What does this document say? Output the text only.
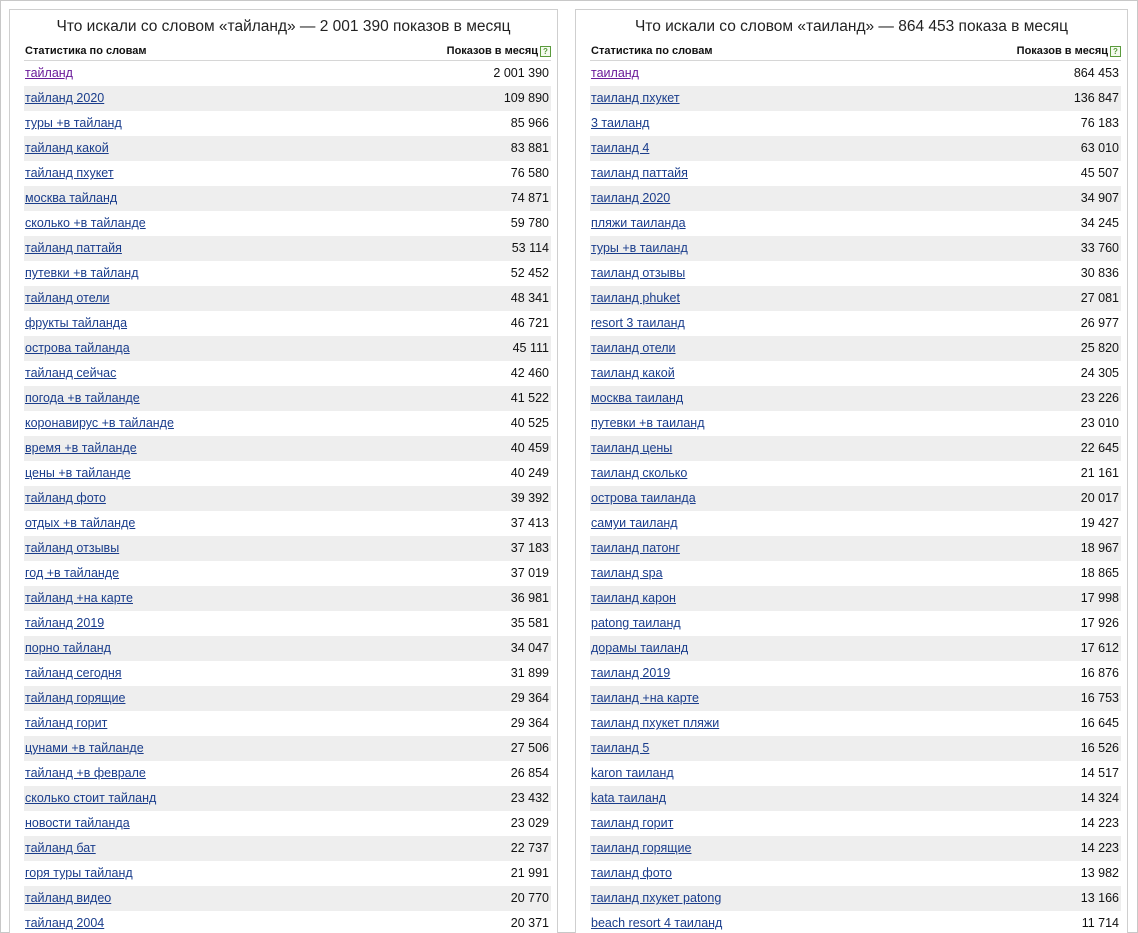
Что искали со словом «тайланд» — 2 001 390 показов в месяц
Статистика по словам	Показов в месяц ?
тайланд	2 001 390
тайланд 2020	109 890
туры +в тайланд	85 966
тайланд какой	83 881
тайланд пхукет	76 580
москва тайланд	74 871
сколько +в тайланде	59 780
тайланд паттайя	53 114
путевки +в тайланд	52 452
тайланд отели	48 341
фрукты тайланда	46 721
острова тайланда	45 111
тайланд сейчас	42 460
погода +в тайланде	41 522
коронавирус +в тайланде	40 525
время +в тайланде	40 459
цены +в тайланде	40 249
тайланд фото	39 392
отдых +в тайланде	37 413
тайланд отзывы	37 183
год +в тайланде	37 019
тайланд +на карте	36 981
тайланд 2019	35 581
порно тайланд	34 047
тайланд сегодня	31 899
тайланд горящие	29 364
тайланд горит	29 364
цунами +в тайланде	27 506
тайланд +в феврале	26 854
сколько стоит тайланд	23 432
новости тайланда	23 029
тайланд бат	22 737
горя туры тайланд	21 991
тайланд видео	20 770
тайланд 2004	20 371
Что искали со словом «таиланд» — 864 453 показа в месяц
Статистика по словам	Показов в месяц ?
таиланд	864 453
таиланд пхукет	136 847
3 таиланд	76 183
таиланд 4	63 010
таиланд паттайя	45 507
таиланд 2020	34 907
пляжи таиланда	34 245
туры +в таиланд	33 760
таиланд отзывы	30 836
таиланд phuket	27 081
resort 3 таиланд	26 977
таиланд отели	25 820
таиланд какой	24 305
москва таиланд	23 226
путевки +в таиланд	23 010
таиланд цены	22 645
таиланд сколько	21 161
острова таиланда	20 017
самуи таиланд	19 427
таиланд патонг	18 967
таиланд spa	18 865
таиланд карон	17 998
patong таиланд	17 926
дорамы таиланд	17 612
таиланд 2019	16 876
таиланд +на карте	16 753
таиланд пхукет пляжи	16 645
таиланд 5	16 526
karon таиланд	14 517
kata таиланд	14 324
таиланд горит	14 223
таиланд горящие	14 223
таиланд фото	13 982
таиланд пхукет patong	13 166
beach resort 4 таиланд	11 714
